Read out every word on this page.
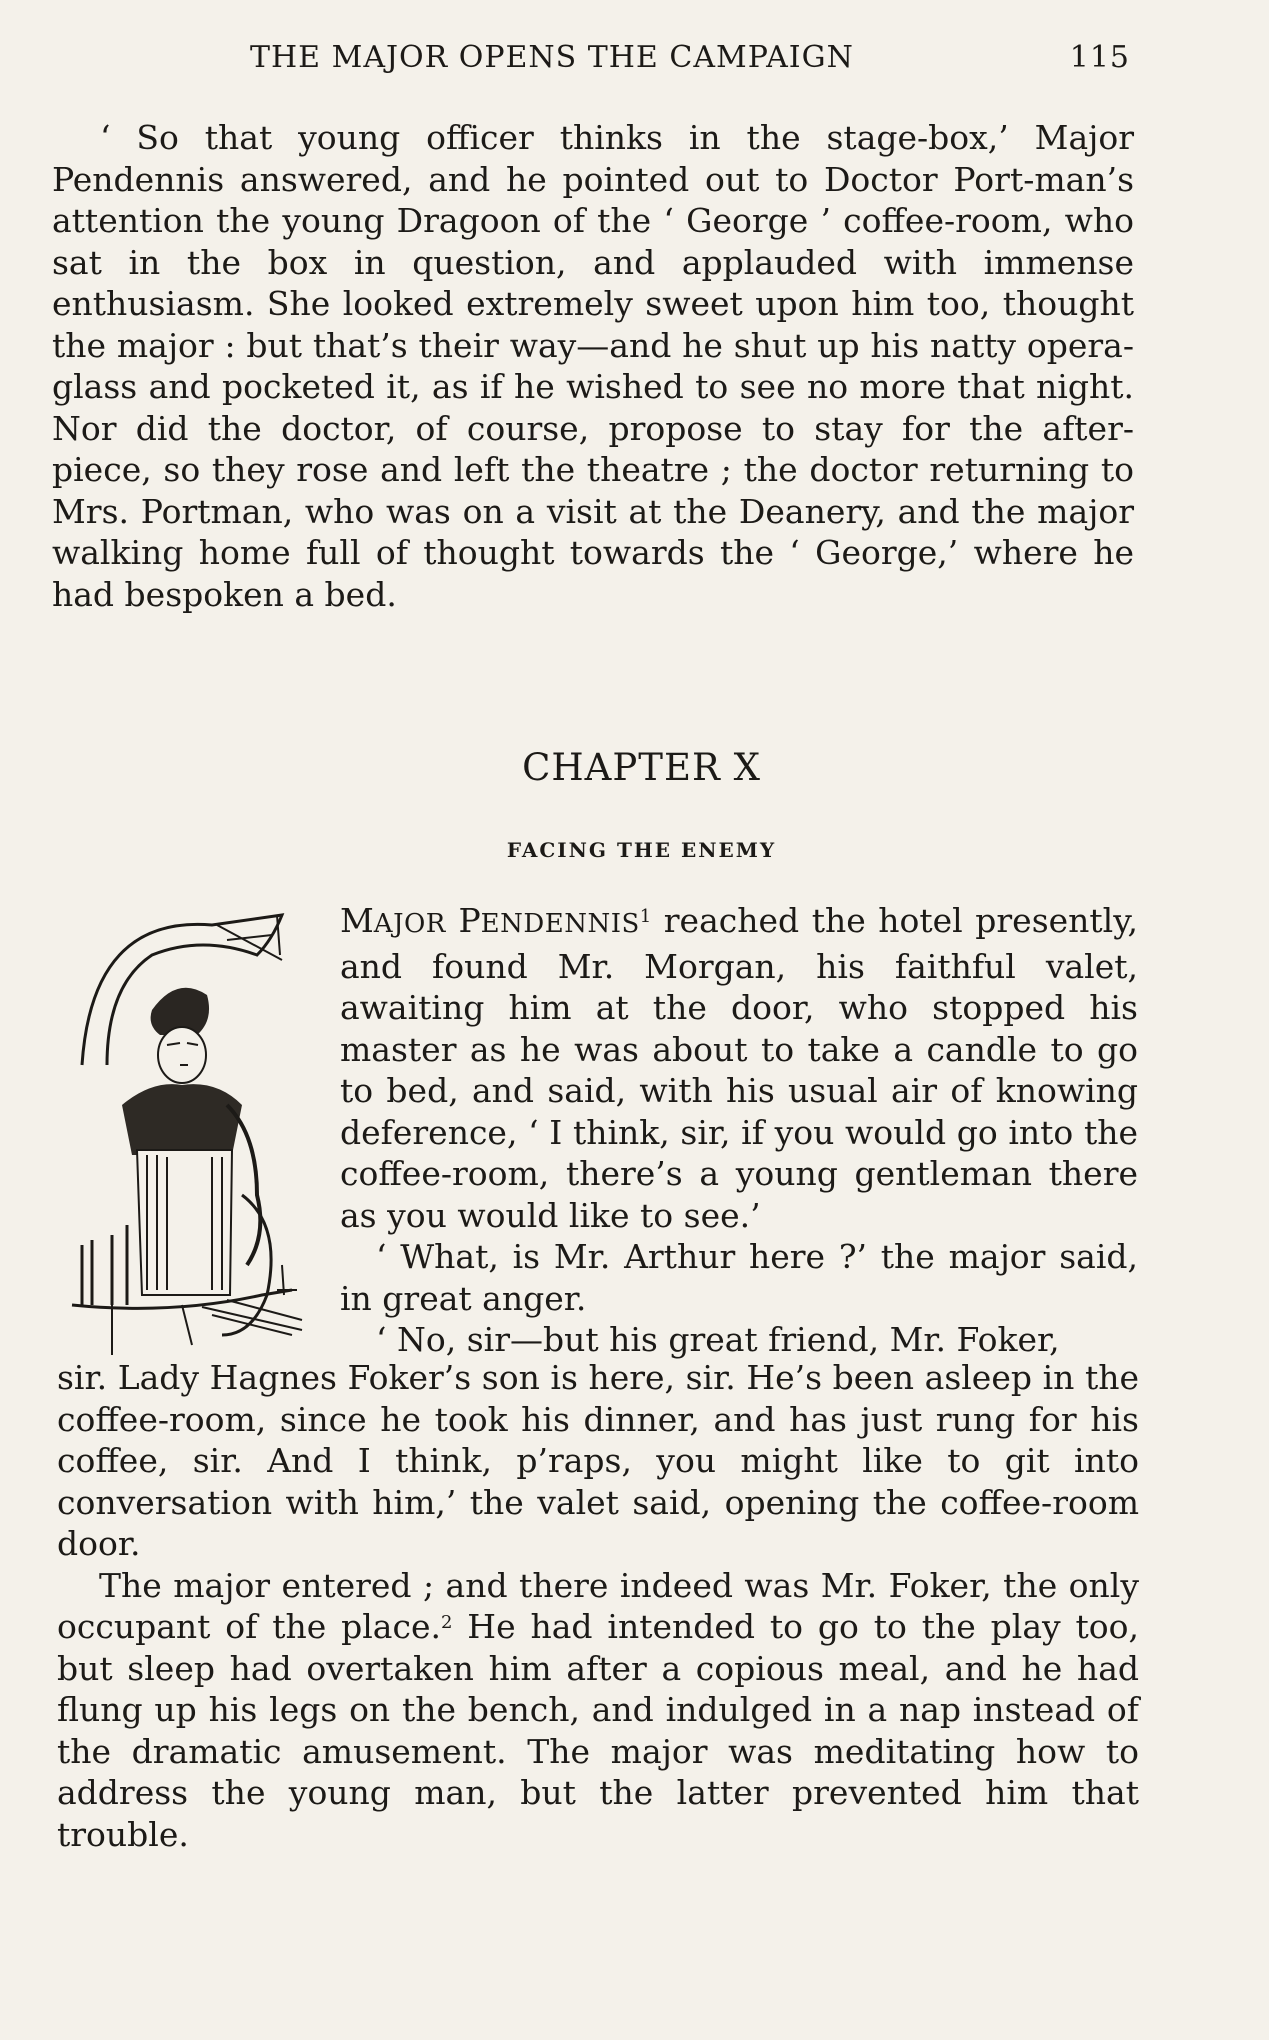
THE MAJOR OPENS THE CAMPAIGN	115

‘ So that young officer thinks in the stage-box,’ Major Pendennis answered, and he pointed out to Doctor Port-man’s attention the young Dragoon of the ‘ George ’ coffee-room, who sat in the box in question, and applauded with immense enthusiasm. She looked extremely sweet upon him too, thought the major : but that’s their way—and he shut up his natty opera-glass and pocketed it, as if he wished to see no more that night. Nor did the doctor, of course, propose to stay for the after-piece, so they rose and left the theatre ; the doctor returning to Mrs. Portman, who was on a visit at the Deanery, and the major walking home full of thought towards the ‘ George,’ where he had bespoken a bed.

CHAPTER X
FACING THE ENEMY

MAJOR PENDENNIS$^1$ reached the hotel presently, and found Mr. Morgan, his faithful valet, awaiting him at the door, who stopped his master as he was about to take a candle to go to bed, and said, with his usual air of knowing deference, ‘ I think, sir, if you would go into the coffee-room, there’s a young gentleman there as you would like to see.’

‘ What, is Mr. Arthur here ?’ the major said, in great anger.

‘ No, sir—but his great friend, Mr. Foker,

sir. Lady Hagnes Foker’s son is here, sir. He’s been asleep in the coffee-room, since he took his dinner, and has just rung for his coffee, sir. And I think, p’raps, you might like to git into conversation with him,’ the valet said, opening the coffee-room door.

The major entered ; and there indeed was Mr. Foker, the only occupant of the place.$^2$ He had intended to go to the play too, but sleep had overtaken him after a copious meal, and he had flung up his legs on the bench, and indulged in a nap instead of the dramatic amusement. The major was meditating how to address the young man, but the latter prevented him that trouble.
